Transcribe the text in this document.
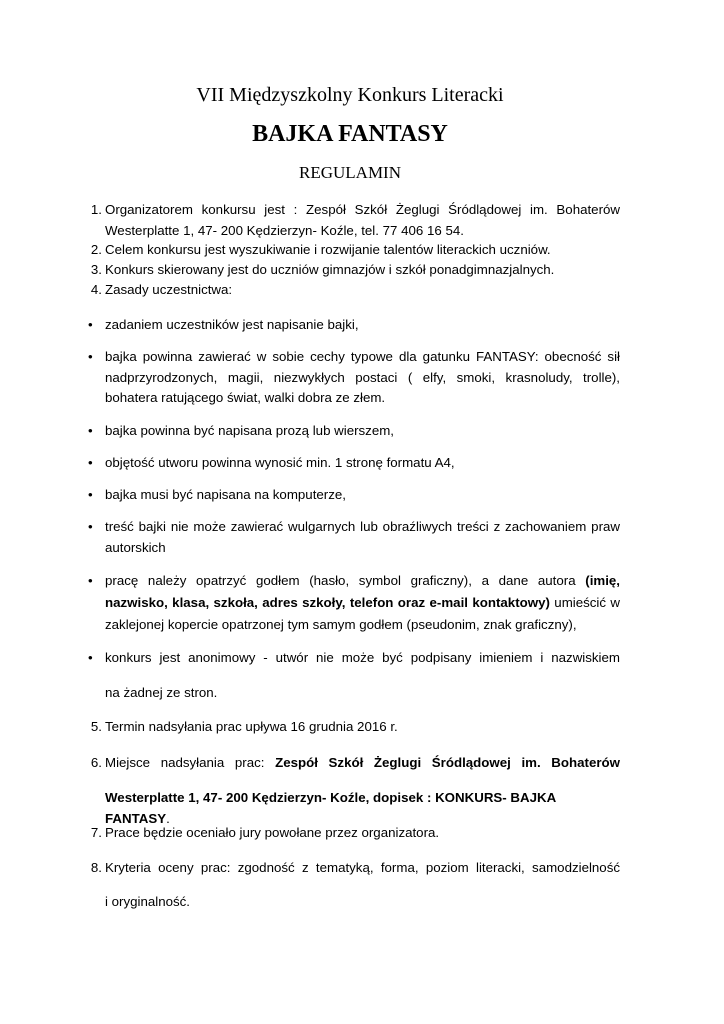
VII Międzyszkolny Konkurs Literacki
BAJKA FANTASY
REGULAMIN
1. Organizatorem konkursu jest : Zespół Szkół Żeglugi Śródlądowej im. Bohaterów Westerplatte 1, 47- 200 Kędzierzyn- Koźle, tel. 77 406 16 54.
2. Celem konkursu jest wyszukiwanie i rozwijanie talentów literackich uczniów.
3. Konkurs skierowany jest do uczniów gimnazjów i szkół ponadgimnazjalnych.
4. Zasady uczestnictwa:
• zadaniem uczestników jest napisanie bajki,
• bajka powinna zawierać w sobie cechy typowe dla gatunku FANTASY: obecność sił nadprzyrodzonych, magii, niezwykłych postaci ( elfy, smoki, krasnoludy, trolle), bohatera ratującego świat, walki dobra ze złem.
• bajka powinna być napisana prozą lub wierszem,
• objętość utworu powinna wynosić min. 1 stronę formatu A4,
• bajka musi być napisana na komputerze,
• treść bajki nie może zawierać wulgarnych lub obraźliwych treści z zachowaniem praw autorskich
• pracę należy opatrzyć godłem (hasło, symbol graficzny), a dane autora (imię, nazwisko, klasa, szkoła, adres szkoły, telefon oraz e-mail kontaktowy) umieścić w zaklejonej kopercie opatrzonej tym samym godłem (pseudonim, znak graficzny),
• konkurs jest anonimowy - utwór nie może być podpisany imieniem i nazwiskiem
na żadnej ze stron.
5. Termin nadsyłania prac upływa 16 grudnia 2016 r.
6. Miejsce nadsyłania prac: Zespół Szkół Żeglugi Śródlądowej im. Bohaterów
Westerplatte 1, 47- 200 Kędzierzyn- Koźle, dopisek : KONKURS- BAJKA FANTASY.
7. Prace będzie oceniało jury powołane przez organizatora.
8. Kryteria oceny prac: zgodność z tematyką, forma, poziom literacki, samodzielność
i oryginalność.
